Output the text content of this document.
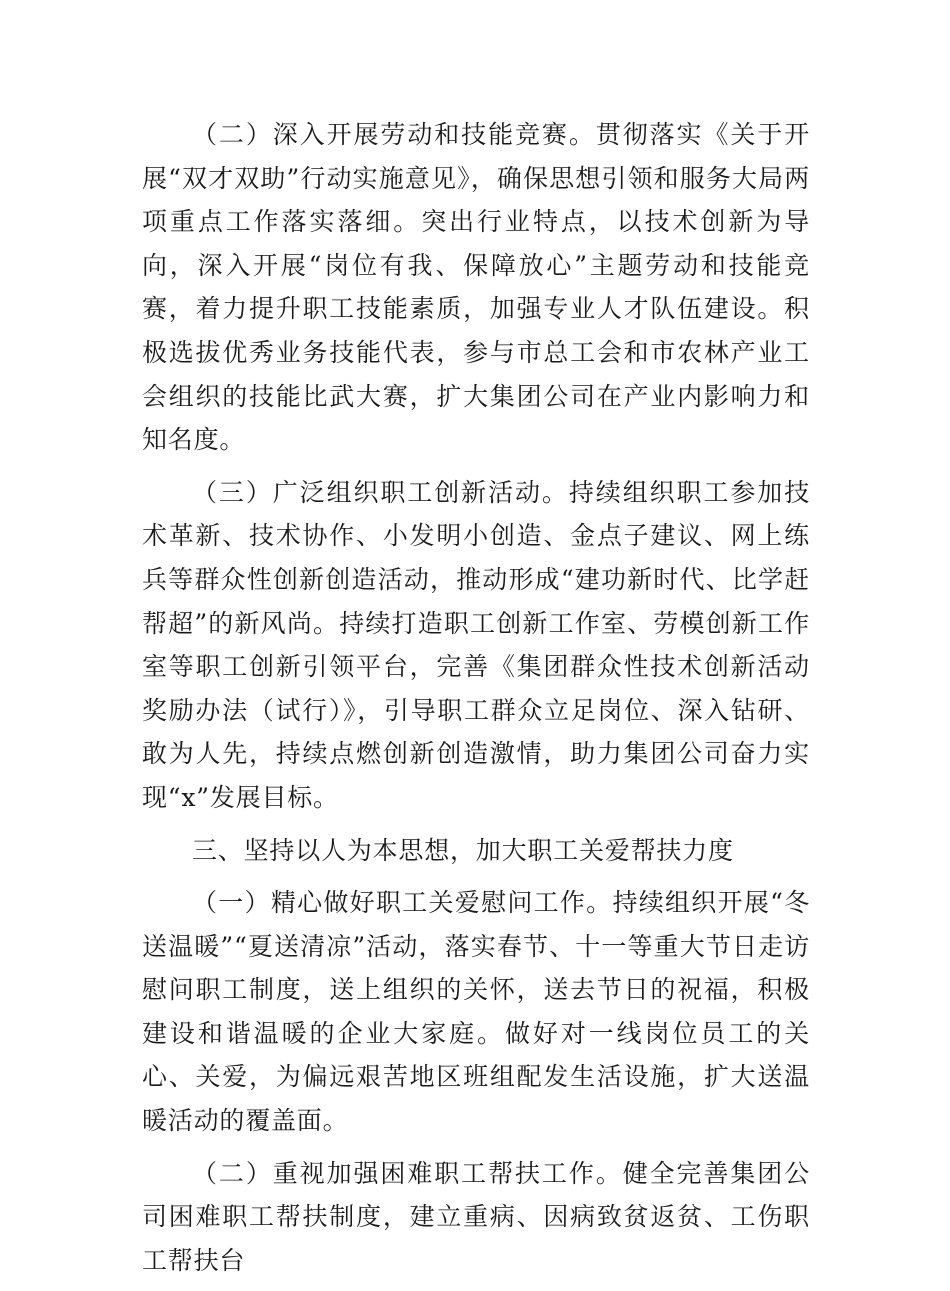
（二）深入开展劳动和技能竞赛。贯彻落实《关于开展“双才双助”行动实施意见》，确保思想引领和服务大局两项重点工作落实落细。突出行业特点，以技术创新为导向，深入开展“岗位有我、保障放心”主题劳动和技能竞赛，着力提升职工技能素质，加强专业人才队伍建设。积极选拔优秀业务技能代表，参与市总工会和市农林产业工会组织的技能比武大赛，扩大集团公司在产业内影响力和知名度。

（三）广泛组织职工创新活动。持续组织职工参加技术革新、技术协作、小发明小创造、金点子建议、网上练兵等群众性创新创造活动，推动形成“建功新时代、比学赶帮超”的新风尚。持续打造职工创新工作室、劳模创新工作室等职工创新引领平台，完善《集团群众性技术创新活动奖励办法（试行）》，引导职工群众立足岗位、深入钻研、敢为人先，持续点燃创新创造激情，助力集团公司奋力实现“x”发展目标。

三、坚持以人为本思想，加大职工关爱帮扶力度

（一）精心做好职工关爱慰问工作。持续组织开展“冬送温暖”“夏送清凉”活动，落实春节、十一等重大节日走访慰问职工制度，送上组织的关怀，送去节日的祝福，积极建设和谐温暖的企业大家庭。做好对一线岗位员工的关心、关爱，为偏远艰苦地区班组配发生活设施，扩大送温暖活动的覆盖面。

（二）重视加强困难职工帮扶工作。健全完善集团公司困难职工帮扶制度，建立重病、因病致贫返贫、工伤职工帮扶台
